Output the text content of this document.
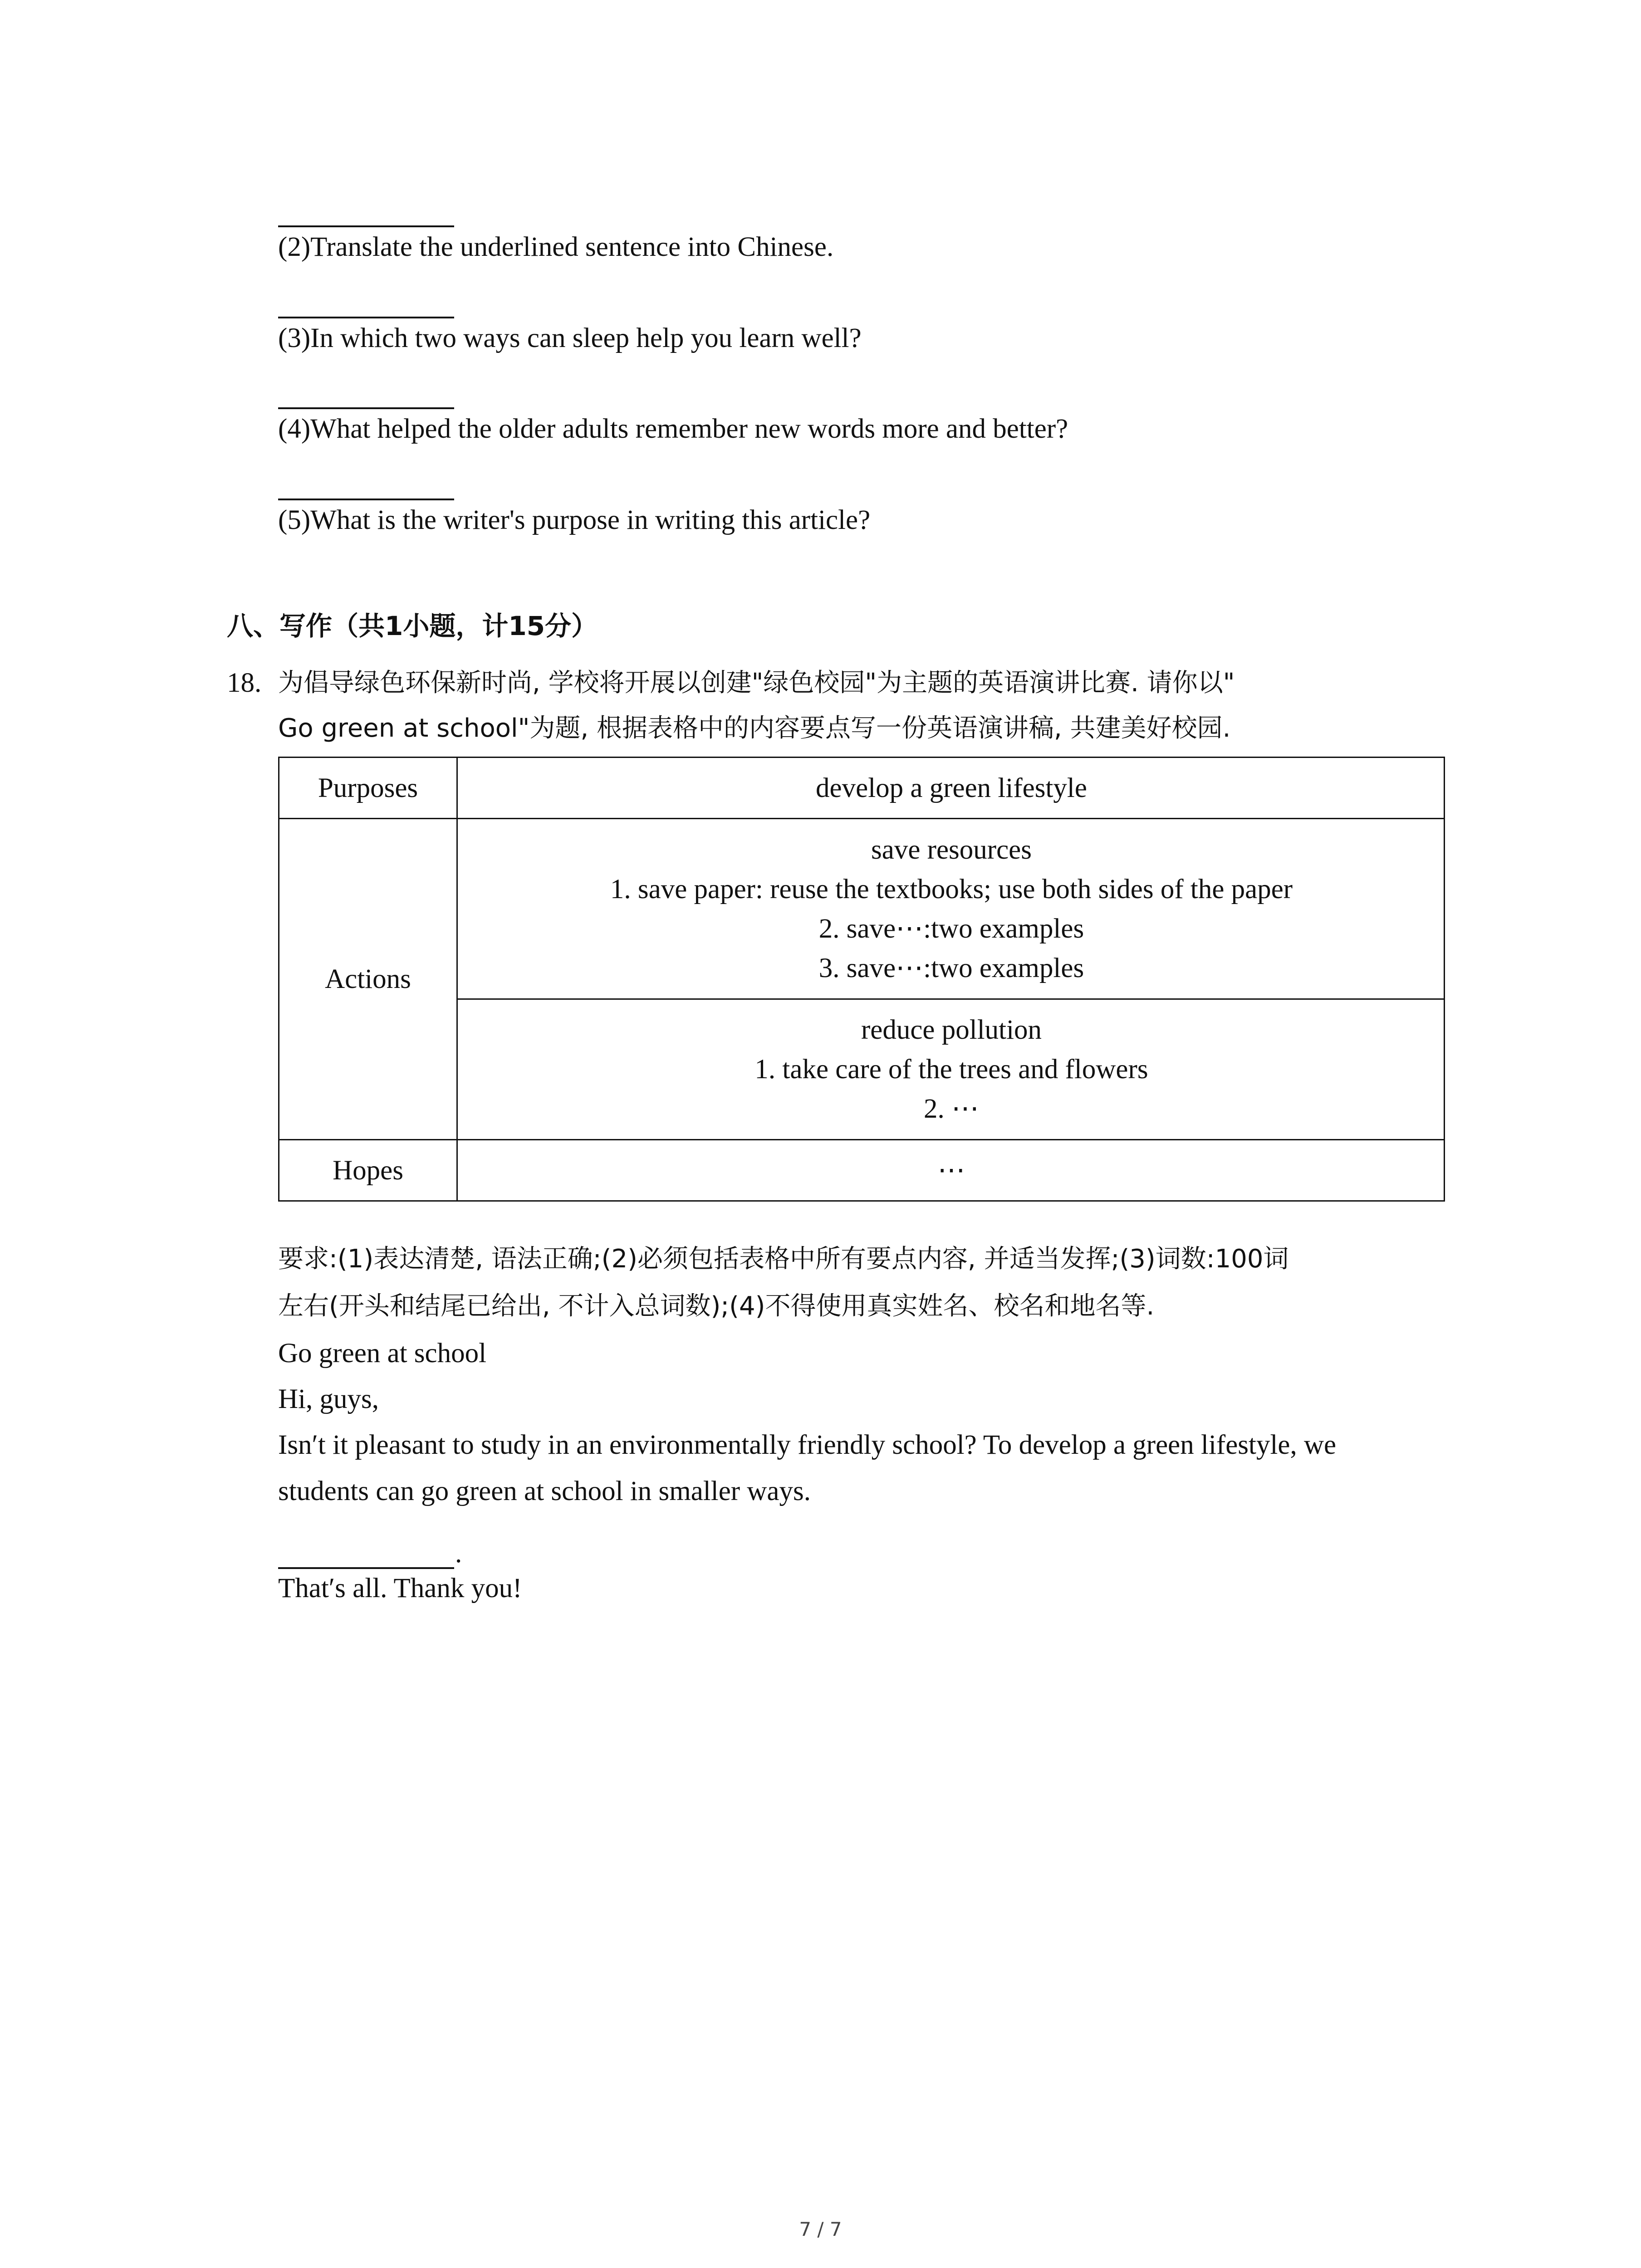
(2)Translate the underlined sentence into Chinese.
(3)In which two ways can sleep help you learn well?
(4)What helped the older adults remember new words more and better?
(5)What is the writer's purpose in writing this article?
八、写作（共1小题，计15分）
18. 为倡导绿色环保新时尚, 学校将开展以创建"绿色校园"为主题的英语演讲比赛. 请你以"
Go green at school"为题, 根据表格中的内容要点写一份英语演讲稿, 共建美好校园.
Purposes	develop a green lifestyle
Actions
save resources
1. save paper: reuse the textbooks; use both sides of the paper
2. save⋯:two examples
3. save⋯:two examples
reduce pollution
1. take care of the trees and flowers
2. ⋯
Hopes	⋯
要求:(1)表达清楚, 语法正确;(2)必须包括表格中所有要点内容, 并适当发挥;(3)词数:100词
左右(开头和结尾已给出, 不计入总词数);(4)不得使用真实姓名、校名和地名等.
Go green at school
Hi, guys,
Isn′t it pleasant to study in an environmentally friendly school? To develop a green lifestyle, we
students can go green at school in smaller ways.
.
That′s all. Thank you!
7 / 7
